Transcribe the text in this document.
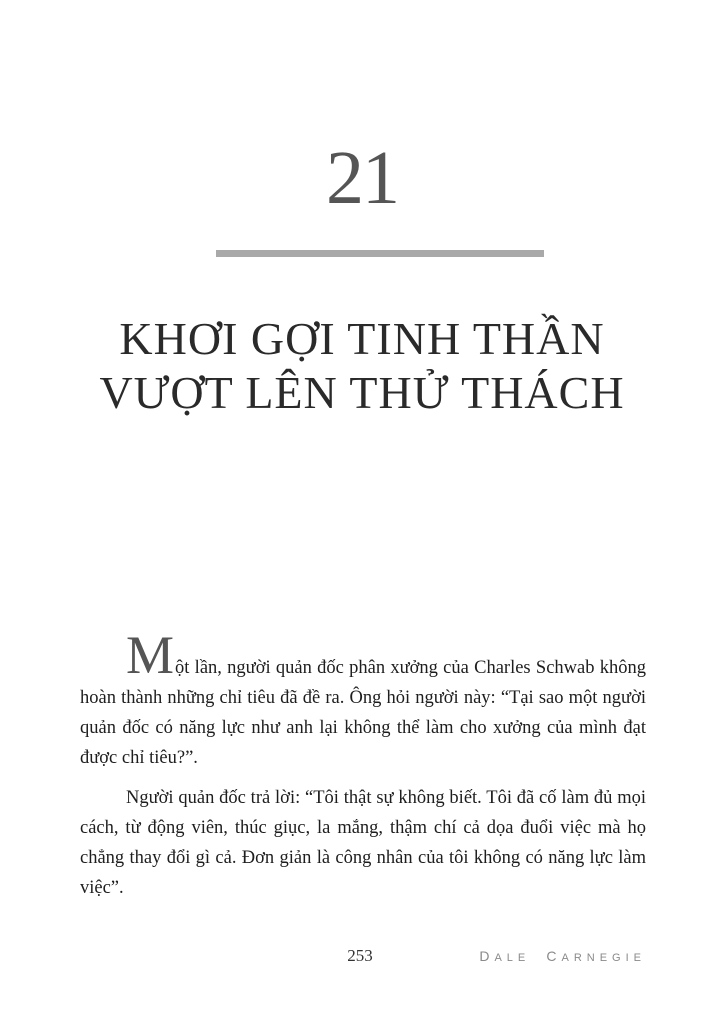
21
KHƠI GỢI TINH THẦN
VƯỢT LÊN THỬ THÁCH

Một lần, người quản đốc phân xưởng của Charles Schwab không hoàn thành những chỉ tiêu đã đề ra. Ông hỏi người này: “Tại sao một người quản đốc có năng lực như anh lại không thể làm cho xưởng của mình đạt được chỉ tiêu?”.

Người quản đốc trả lời: “Tôi thật sự không biết. Tôi đã cố làm đủ mọi cách, từ động viên, thúc giục, la mắng, thậm chí cả dọa đuổi việc mà họ chẳng thay đổi gì cả. Đơn giản là công nhân của tôi không có năng lực làm việc”.

253	DALE CARNEGIE
